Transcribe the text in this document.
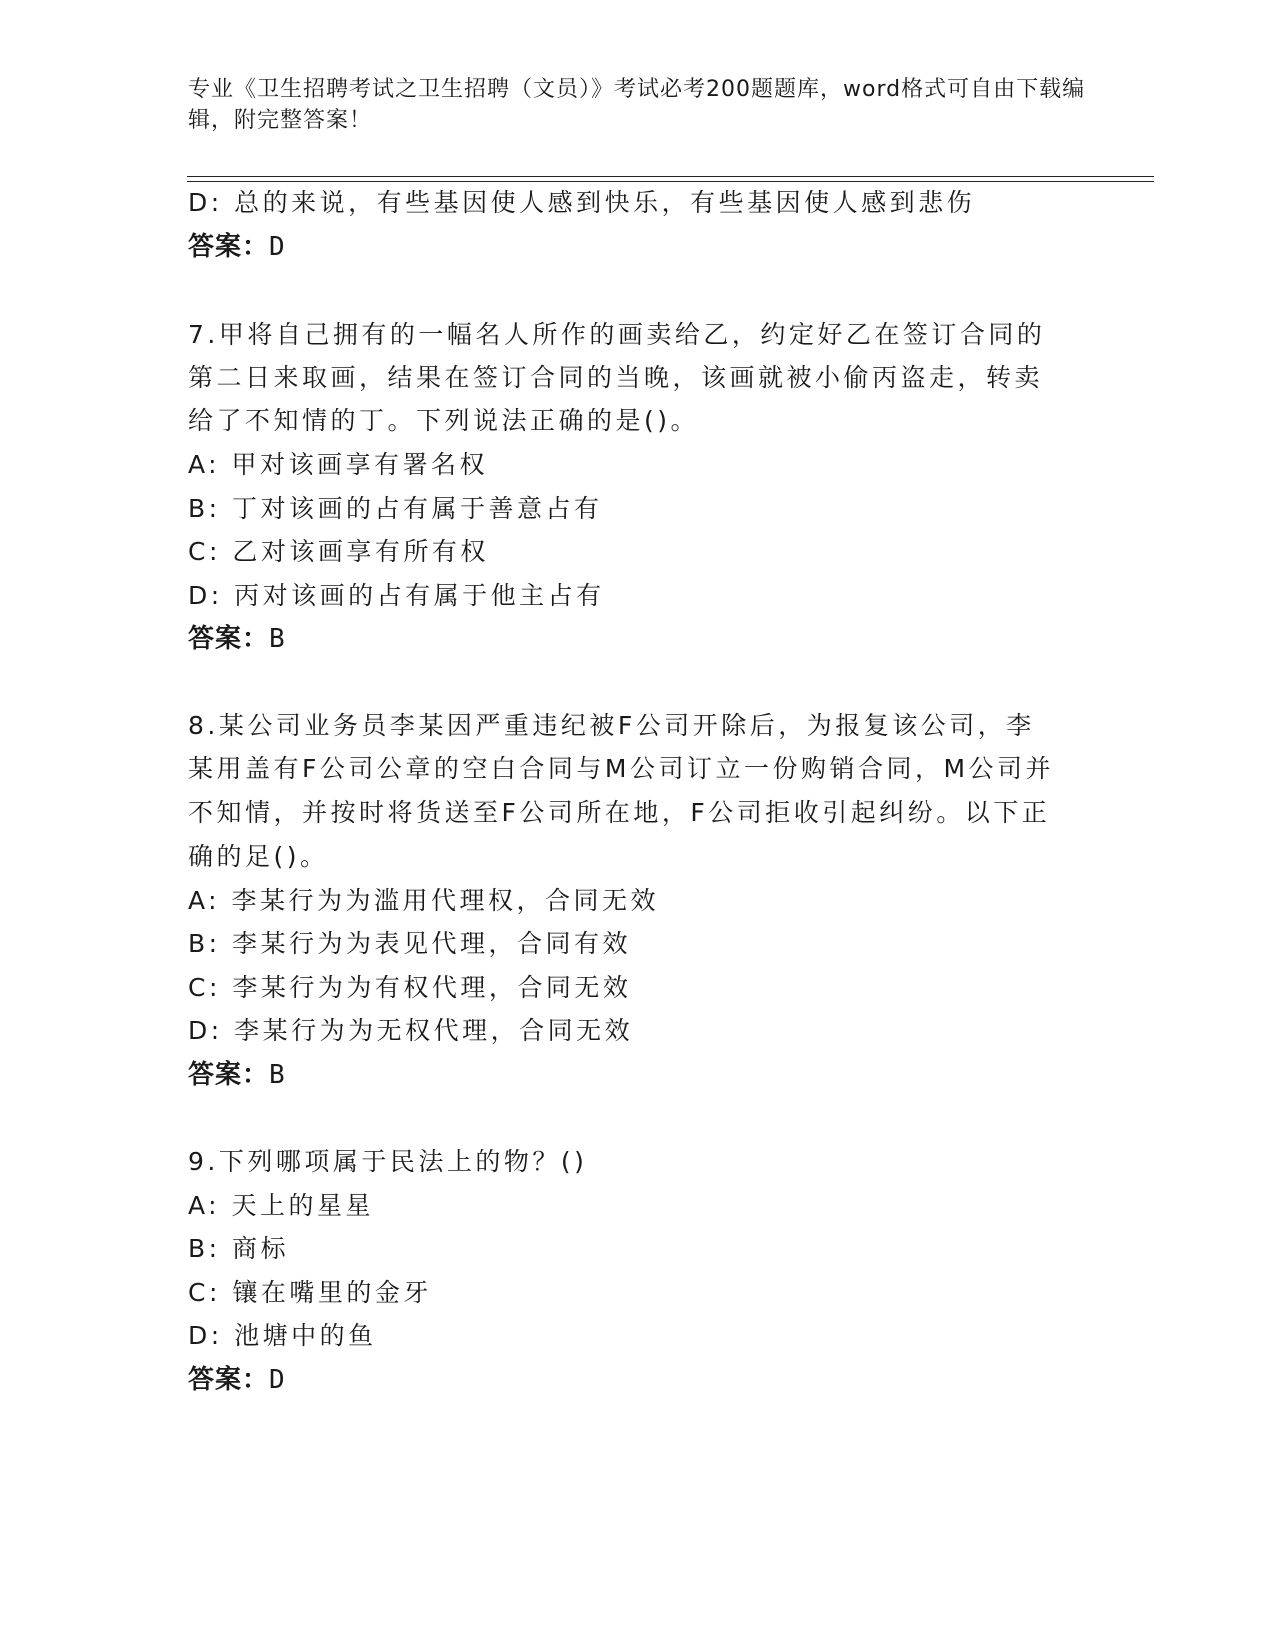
专业《卫生招聘考试之卫生招聘（文员）》考试必考200题题库，word格式可自由下载编辑，附完整答案！

D: 总的来说，有些基因使人感到快乐，有些基因使人感到悲伤

答案：D

7.甲将自己拥有的一幅名人所作的画卖给乙，约定好乙在签订合同的

第二日来取画，结果在签订合同的当晚，该画就被小偷丙盗走，转卖

给了不知情的丁。下列说法正确的是()。

A: 甲对该画享有署名权

B: 丁对该画的占有属于善意占有

C: 乙对该画享有所有权

D: 丙对该画的占有属于他主占有

答案：B

8.某公司业务员李某因严重违纪被F公司开除后，为报复该公司，李

某用盖有F公司公章的空白合同与M公司订立一份购销合同，M公司并

不知情，并按时将货送至F公司所在地，F公司拒收引起纠纷。以下正

确的足()。

A: 李某行为为滥用代理权，合同无效

B: 李某行为为表见代理，合同有效

C: 李某行为为有权代理，合同无效

D: 李某行为为无权代理，合同无效

答案：B

9.下列哪项属于民法上的物？()

A: 天上的星星

B: 商标

C: 镶在嘴里的金牙

D: 池塘中的鱼

答案：D
